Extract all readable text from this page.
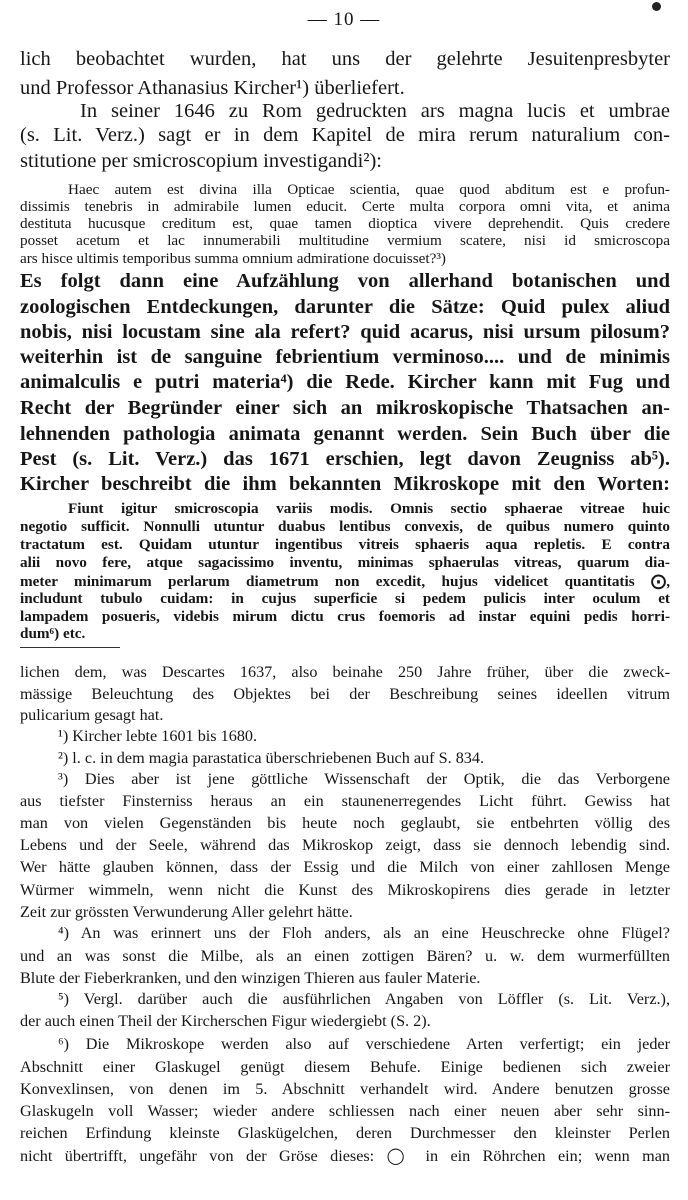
— 10 —
lich beobachtet wurden, hat uns der gelehrte Jesuitenpresbyter
und Professor Athanasius Kircher¹) überliefert.
In seiner 1646 zu Rom gedruckten ars magna lucis et umbrae
(s. Lit. Verz.) sagt er in dem Kapitel de mira rerum naturalium con-
stitutione per smicroscopium investigandi²):
Haec autem est divina illa Opticae scientia, quae quod abditum est e profun-
dissimis tenebris in admirabile lumen educit. Certe multa corpora omni vita, et anima
destituta hucusque creditum est, quae tamen dioptica vivere deprehendit. Quis credere
posset acetum et lac innumerabili multitudine vermium scatere, nisi id smicroscopa
ars hisce ultimis temporibus summa omnium admiratione docuisset?³)
Es folgt dann eine Aufzählung von allerhand botanischen und
zoologischen Entdeckungen, darunter die Sätze: Quid pulex aliud
nobis, nisi locustam sine ala refert? quid acarus, nisi ursum pilosum?
weiterhin ist de sanguine febrientium verminoso.... und de minimis
animalculis e putri materia⁴) die Rede. Kircher kann mit Fug und
Recht der Begründer einer sich an mikroskopische Thatsachen an-
lehnenden pathologia animata genannt werden. Sein Buch über die
Pest (s. Lit. Verz.) das 1671 erschien, legt davon Zeugniss ab⁵).
Kircher beschreibt die ihm bekannten Mikroskope mit den Worten:
Fiunt igitur smicroscopia variis modis. Omnis sectio sphaerae vitreae huic
negotio sufficit. Nonnulli utuntur duabus lentibus convexis, de quibus numero quinto
tractatum est. Quidam utuntur ingentibus vitreis sphaeris aqua repletis. E contra
alii novo fere, atque sagacissimo inventu, minimas sphaerulas vitreas, quarum dia-
meter minimarum perlarum diametrum non excedit, hujus videlicet quantitatis ⨀,
includunt tubulo cuidam: in cujus superficie si pedem pulicis inter oculum et
lampadem posueris, videbis mirum dictu crus foemoris ad instar equini pedis horri-
dum⁶) etc.
lichen dem, was Descartes 1637, also beinahe 250 Jahre früher, über die zweck-
mässige Beleuchtung des Objektes bei der Beschreibung seines ideellen vitrum
pulicarium gesagt hat.
¹) Kircher lebte 1601 bis 1680.
²) l. c. in dem magia parastatica überschriebenen Buch auf S. 834.
³) Dies aber ist jene göttliche Wissenschaft der Optik, die das Verborgene
aus tiefster Finsterniss heraus an ein staunenerregendes Licht führt. Gewiss hat
man von vielen Gegenständen bis heute noch geglaubt, sie entbehrten völlig des
Lebens und der Seele, während das Mikroskop zeigt, dass sie dennoch lebendig sind.
Wer hätte glauben können, dass der Essig und die Milch von einer zahllosen Menge
Würmer wimmeln, wenn nicht die Kunst des Mikroskopirens dies gerade in letzter
Zeit zur grössten Verwunderung Aller gelehrt hätte.
⁴) An was erinnert uns der Floh anders, als an eine Heuschrecke ohne Flügel?
und an was sonst die Milbe, als an einen zottigen Bären? u. w. dem wurmerfüllten
Blute der Fieberkranken, und den winzigen Thieren aus fauler Materie.
⁵) Vergl. darüber auch die ausführlichen Angaben von Löffler (s. Lit. Verz.),
der auch einen Theil der Kircherschen Figur wiedergiebt (S. 2).
⁶) Die Mikroskope werden also auf verschiedene Arten verfertigt; ein jeder
Abschnitt einer Glaskugel genügt diesem Behufe. Einige bedienen sich zweier
Konvexlinsen, von denen im 5. Abschnitt verhandelt wird. Andere benutzen grosse
Glaskugeln voll Wasser; wieder andere schliessen nach einer neuen aber sehr sinn-
reichen Erfindung kleinste Glaskügelchen, deren Durchmesser den kleinster Perlen
nicht übertrifft, ungefähr von der Gröse dieses: ◯ in ein Röhrchen ein; wenn man
